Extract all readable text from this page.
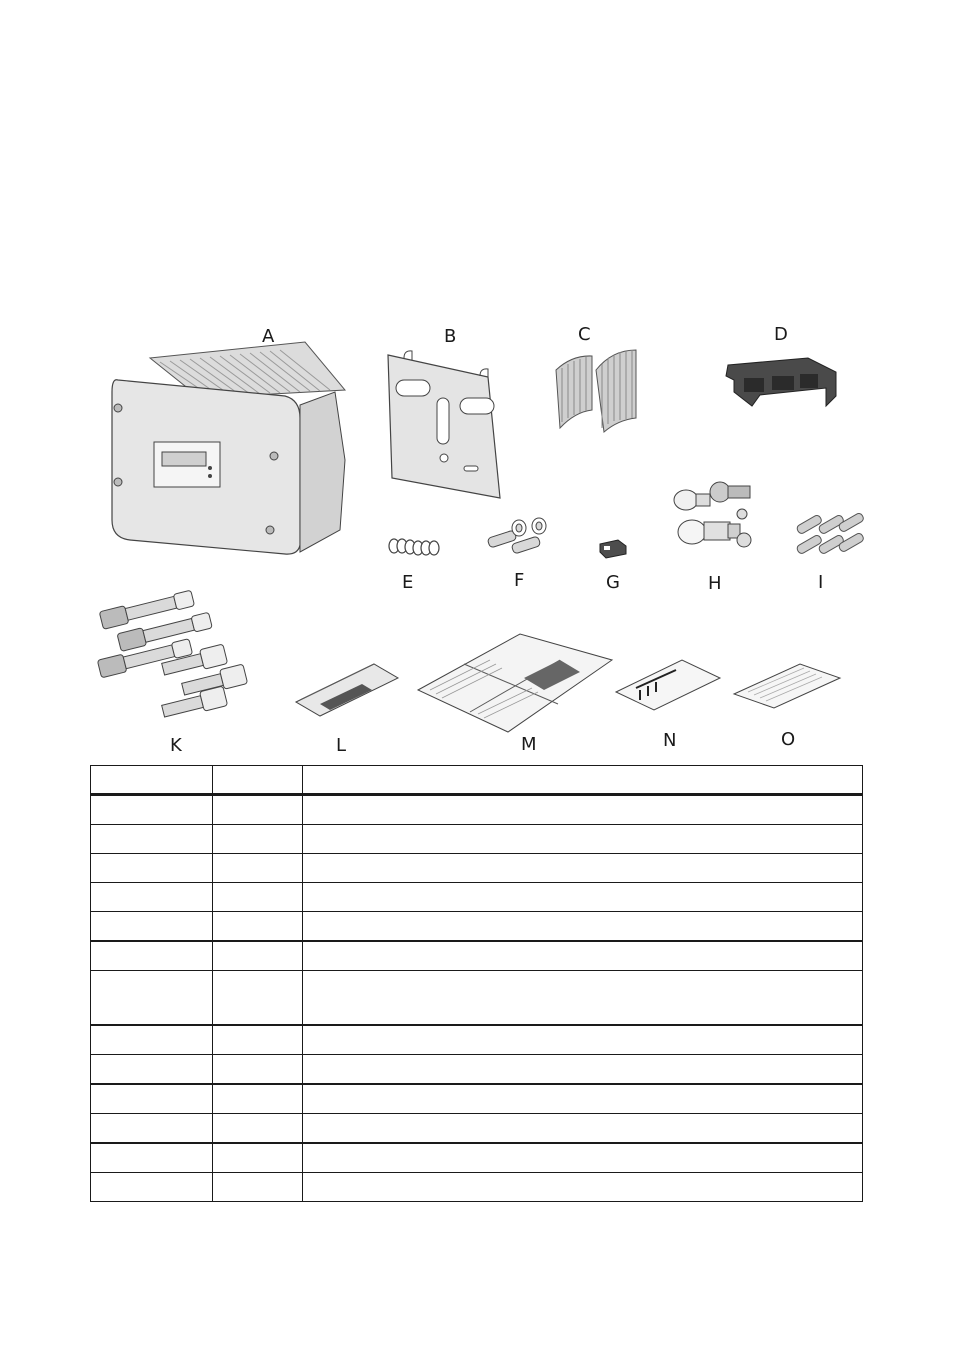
A	B	C	D
E	F	G	H	I
K	L	M	N	O
